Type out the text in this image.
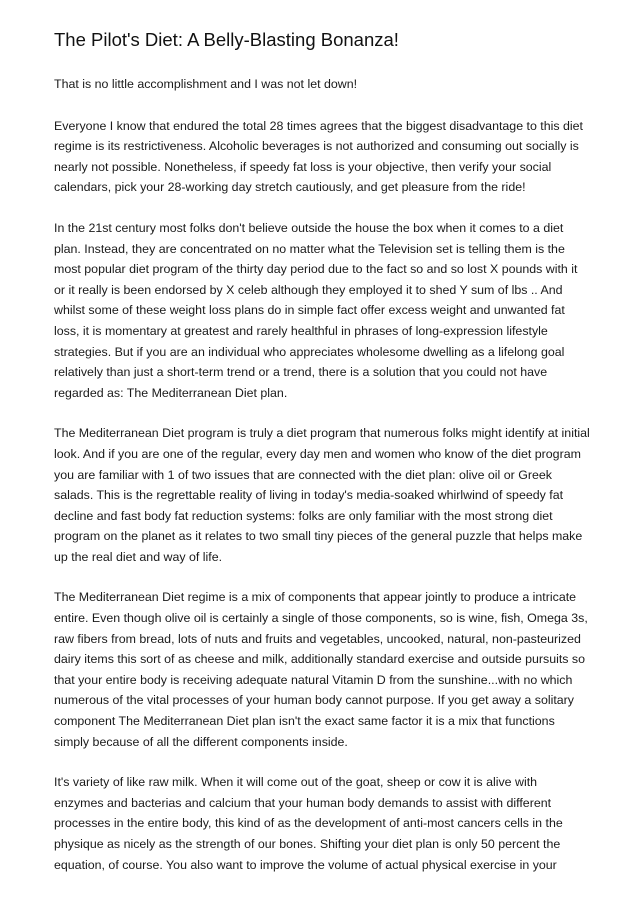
The Pilot's Diet: A Belly-Blasting Bonanza!

That is no little accomplishment and I was not let down!

Everyone I know that endured the total 28 times agrees that the biggest disadvantage to this diet regime is its restrictiveness. Alcoholic beverages is not authorized and consuming out socially is nearly not possible. Nonetheless, if speedy fat loss is your objective, then verify your social calendars, pick your 28-working day stretch cautiously, and get pleasure from the ride!

In the 21st century most folks don't believe outside the house the box when it comes to a diet plan. Instead, they are concentrated on no matter what the Television set is telling them is the most popular diet program of the thirty day period due to the fact so and so lost X pounds with it or it really is been endorsed by X celeb although they employed it to shed Y sum of lbs .. And whilst some of these weight loss plans do in simple fact offer excess weight and unwanted fat loss, it is momentary at greatest and rarely healthful in phrases of long-expression lifestyle strategies. But if you are an individual who appreciates wholesome dwelling as a lifelong goal relatively than just a short-term trend or a trend, there is a solution that you could not have regarded as: The Mediterranean Diet plan.

The Mediterranean Diet program is truly a diet program that numerous folks might identify at initial look. And if you are one of the regular, every day men and women who know of the diet program you are familiar with 1 of two issues that are connected with the diet plan: olive oil or Greek salads. This is the regrettable reality of living in today's media-soaked whirlwind of speedy fat decline and fast body fat reduction systems: folks are only familiar with the most strong diet program on the planet as it relates to two small tiny pieces of the general puzzle that helps make up the real diet and way of life.

The Mediterranean Diet regime is a mix of components that appear jointly to produce a intricate entire. Even though olive oil is certainly a single of those components, so is wine, fish, Omega 3s, raw fibers from bread, lots of nuts and fruits and vegetables, uncooked, natural, non-pasteurized dairy items this sort of as cheese and milk, additionally standard exercise and outside pursuits so that your entire body is receiving adequate natural Vitamin D from the sunshine...with no which numerous of the vital processes of your human body cannot purpose. If you get away a solitary component The Mediterranean Diet plan isn't the exact same factor it is a mix that functions simply because of all the different components inside.

It's variety of like raw milk. When it will come out of the goat, sheep or cow it is alive with enzymes and bacterias and calcium that your human body demands to assist with different processes in the entire body, this kind of as the development of anti-most cancers cells in the physique as nicely as the strength of our bones. Shifting your diet plan is only 50 percent the equation, of course. You also want to improve the volume of actual physical exercise in your
